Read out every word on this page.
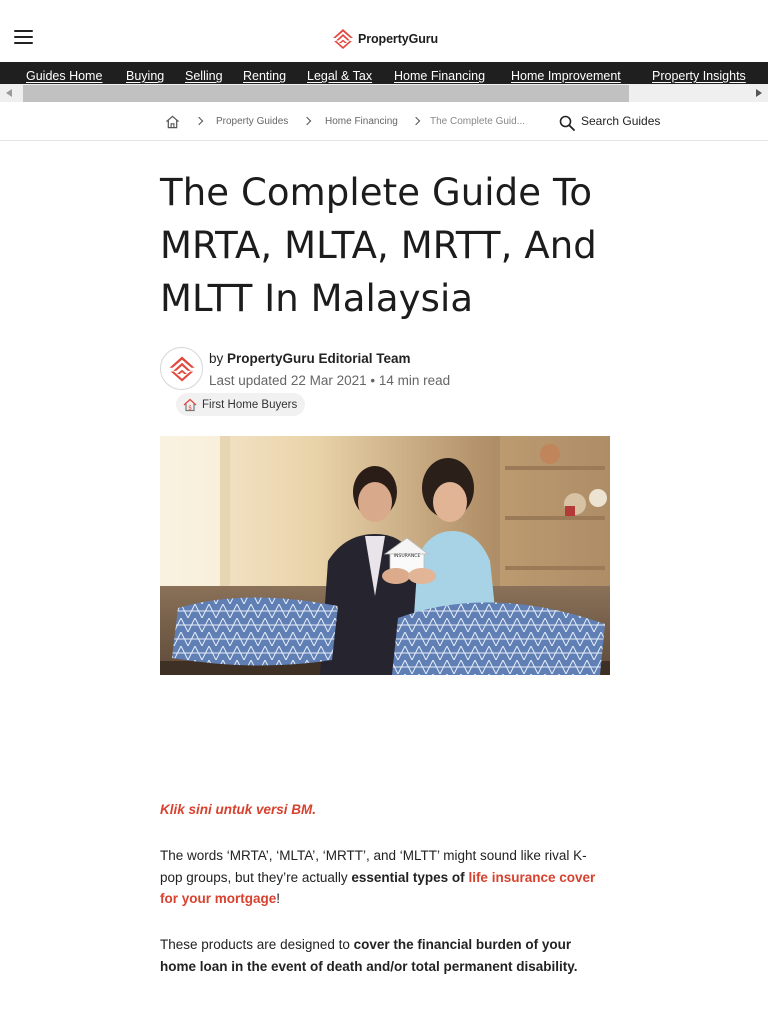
PropertyGuru
Guides Home Buying Selling Renting Legal & Tax Home Financing Home Improvement Property Insights
Property Guides	Home Financing	The Complete Guid...	Search Guides
The Complete Guide To MRTA, MLTA, MRTT, And MLTT In Malaysia
by PropertyGuru Editorial Team
Last updated 22 Mar 2021 • 14 min read
$ First Home Buyers
INSURANCE
Klik sini untuk versi BM.

The words ‘MRTA’, ‘MLTA’, ‘MRTT’, and ‘MLTT’ might sound like rival K-pop groups, but they’re actually essential types of life insurance cover for your mortgage!

These products are designed to cover the financial burden of your home loan in the event of death and/or total permanent disability.
